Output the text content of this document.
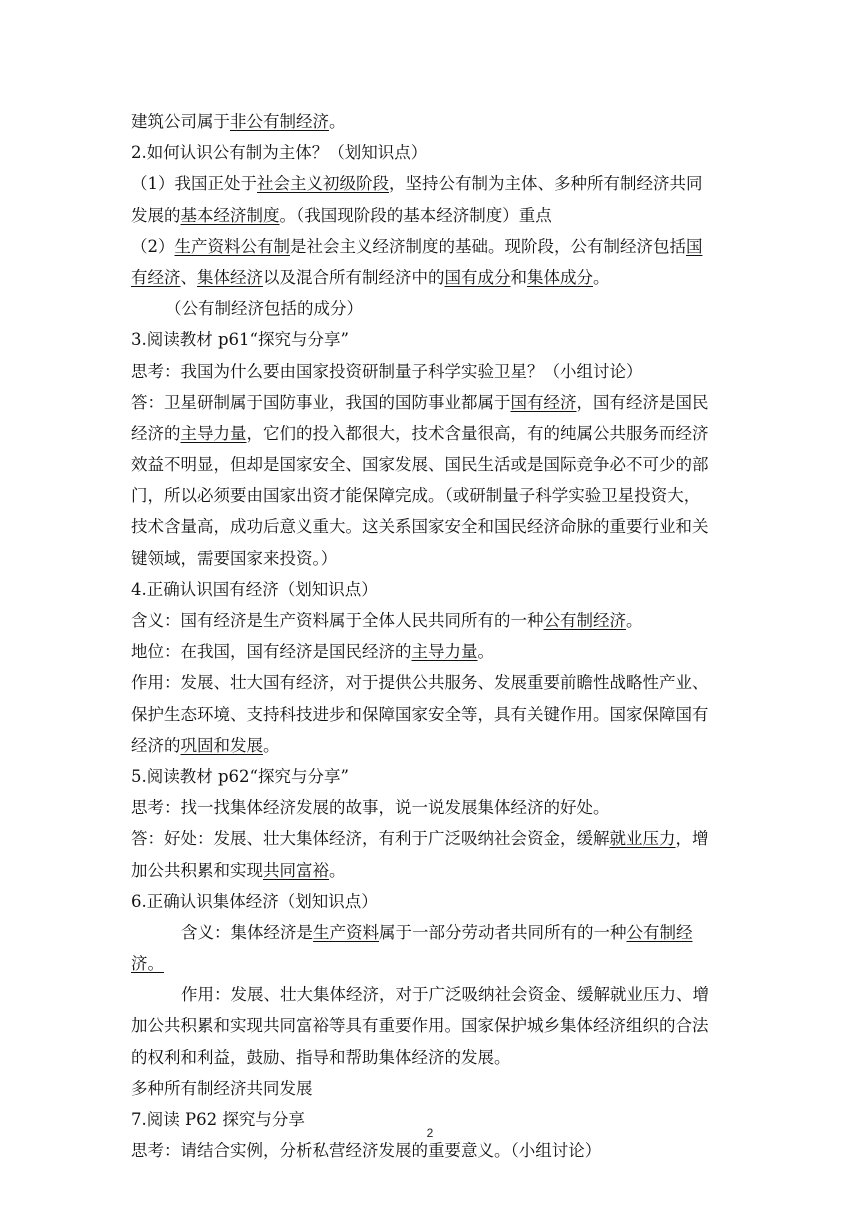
建筑公司属于非公有制经济。
2.如何认识公有制为主体？（划知识点）
（1）我国正处于社会主义初级阶段，坚持公有制为主体、多种所有制经济共同
发展的基本经济制度。（我国现阶段的基本经济制度）重点
（2）生产资料公有制是社会主义经济制度的基础。现阶段，公有制经济包括国
有经济、集体经济以及混合所有制经济中的国有成分和集体成分。
（公有制经济包括的成分）
3.阅读教材 p61“探究与分享”
思考：我国为什么要由国家投资研制量子科学实验卫星？（小组讨论）
答：卫星研制属于国防事业，我国的国防事业都属于国有经济，国有经济是国民
经济的主导力量，它们的投入都很大，技术含量很高，有的纯属公共服务而经济
效益不明显，但却是国家安全、国家发展、国民生活或是国际竞争必不可少的部
门，所以必须要由国家出资才能保障完成。（或研制量子科学实验卫星投资大，
技术含量高，成功后意义重大。这关系国家安全和国民经济命脉的重要行业和关
键领域，需要国家来投资。）
4.正确认识国有经济（划知识点）
含义：国有经济是生产资料属于全体人民共同所有的一种公有制经济。
地位：在我国，国有经济是国民经济的主导力量。
作用：发展、壮大国有经济，对于提供公共服务、发展重要前瞻性战略性产业、
保护生态环境、支持科技进步和保障国家安全等，具有关键作用。国家保障国有
经济的巩固和发展。
5.阅读教材 p62“探究与分享”
思考：找一找集体经济发展的故事，说一说发展集体经济的好处。
答：好处：发展、壮大集体经济，有利于广泛吸纳社会资金，缓解就业压力，增
加公共积累和实现共同富裕。
6.正确认识集体经济（划知识点）
含义：集体经济是生产资料属于一部分劳动者共同所有的一种公有制经
济。
作用：发展、壮大集体经济，对于广泛吸纳社会资金、缓解就业压力、增
加公共积累和实现共同富裕等具有重要作用。国家保护城乡集体经济组织的合法
的权利和利益，鼓励、指导和帮助集体经济的发展。
多种所有制经济共同发展
7.阅读 P62 探究与分享
思考：请结合实例，分析私营经济发展的重要意义。（小组讨论）
2
